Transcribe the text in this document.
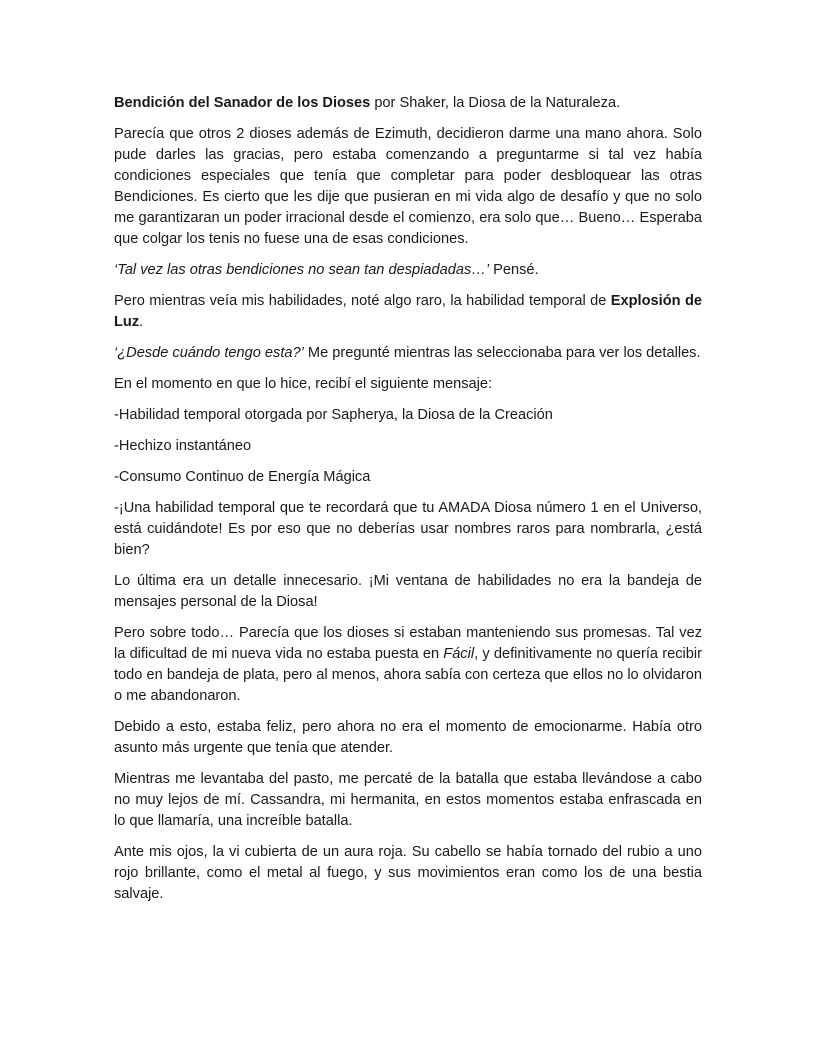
Bendición del Sanador de los Dioses por Shaker, la Diosa de la Naturaleza.

Parecía que otros 2 dioses además de Ezimuth, decidieron darme una mano ahora. Solo pude darles las gracias, pero estaba comenzando a preguntarme si tal vez había condiciones especiales que tenía que completar para poder desbloquear las otras Bendiciones. Es cierto que les dije que pusieran en mi vida algo de desafío y que no solo me garantizaran un poder irracional desde el comienzo, era solo que… Bueno… Esperaba que colgar los tenis no fuese una de esas condiciones.

‘Tal vez las otras bendiciones no sean tan despiadadas…’ Pensé.

Pero mientras veía mis habilidades, noté algo raro, la habilidad temporal de Explosión de Luz.

‘¿Desde cuándo tengo esta?’ Me pregunté mientras las seleccionaba para ver los detalles.

En el momento en que lo hice, recibí el siguiente mensaje:

-Habilidad temporal otorgada por Sapherya, la Diosa de la Creación

-Hechizo instantáneo

-Consumo Continuo de Energía Mágica

-¡Una habilidad temporal que te recordará que tu AMADA Diosa número 1 en el Universo, está cuidándote! Es por eso que no deberías usar nombres raros para nombrarla, ¿está bien?

Lo última era un detalle innecesario. ¡Mi ventana de habilidades no era la bandeja de mensajes personal de la Diosa!

Pero sobre todo… Parecía que los dioses si estaban manteniendo sus promesas. Tal vez la dificultad de mi nueva vida no estaba puesta en Fácil, y definitivamente no quería recibir todo en bandeja de plata, pero al menos, ahora sabía con certeza que ellos no lo olvidaron o me abandonaron.

Debido a esto, estaba feliz, pero ahora no era el momento de emocionarme. Había otro asunto más urgente que tenía que atender.

Mientras me levantaba del pasto, me percaté de la batalla que estaba llevándose a cabo no muy lejos de mí. Cassandra, mi hermanita, en estos momentos estaba enfrascada en lo que llamaría, una increíble batalla.

Ante mis ojos, la vi cubierta de un aura roja. Su cabello se había tornado del rubio a uno rojo brillante, como el metal al fuego, y sus movimientos eran como los de una bestia salvaje.
